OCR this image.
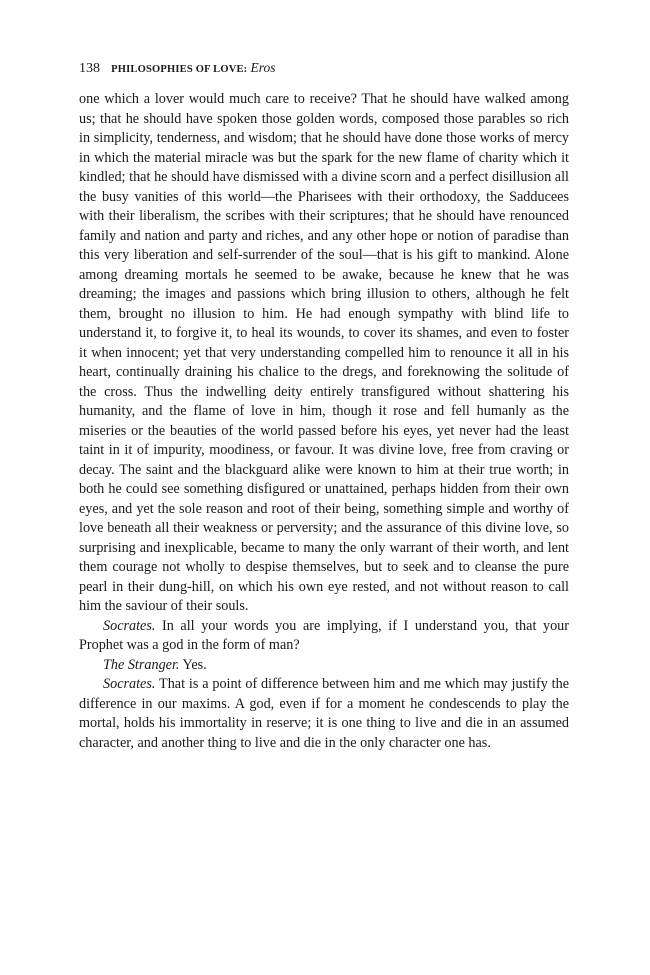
138 PHILOSOPHIES OF LOVE: Eros

one which a lover would much care to receive? That he should have walked among us; that he should have spoken those golden words, composed those parables so rich in simplicity, tenderness, and wisdom; that he should have done those works of mercy in which the material miracle was but the spark for the new flame of charity which it kindled; that he should have dismissed with a divine scorn and a perfect disillusion all the busy vanities of this world—the Pharisees with their orthodoxy, the Sadducees with their liberalism, the scribes with their scriptures; that he should have renounced family and nation and party and riches, and any other hope or notion of paradise than this very liberation and self-surrender of the soul—that is his gift to mankind. Alone among dreaming mortals he seemed to be awake, because he knew that he was dreaming; the images and passions which bring illusion to others, although he felt them, brought no illusion to him. He had enough sympathy with blind life to understand it, to forgive it, to heal its wounds, to cover its shames, and even to foster it when innocent; yet that very understanding compelled him to renounce it all in his heart, continually draining his chalice to the dregs, and foreknowing the solitude of the cross. Thus the indwelling deity entirely transfigured without shattering his humanity, and the flame of love in him, though it rose and fell humanly as the miseries or the beauties of the world passed before his eyes, yet never had the least taint in it of impurity, moodiness, or favour. It was divine love, free from craving or decay. The saint and the blackguard alike were known to him at their true worth; in both he could see something disfigured or unattained, perhaps hidden from their own eyes, and yet the sole reason and root of their being, something simple and worthy of love beneath all their weakness or perversity; and the assurance of this divine love, so surprising and inexplicable, became to many the only warrant of their worth, and lent them courage not wholly to despise themselves, but to seek and to cleanse the pure pearl in their dung-hill, on which his own eye rested, and not without reason to call him the saviour of their souls.

Socrates. In all your words you are implying, if I understand you, that your Prophet was a god in the form of man?

The Stranger. Yes.

Socrates. That is a point of difference between him and me which may justify the difference in our maxims. A god, even if for a moment he condescends to play the mortal, holds his immortality in reserve; it is one thing to live and die in an assumed character, and another thing to live and die in the only character one has.
